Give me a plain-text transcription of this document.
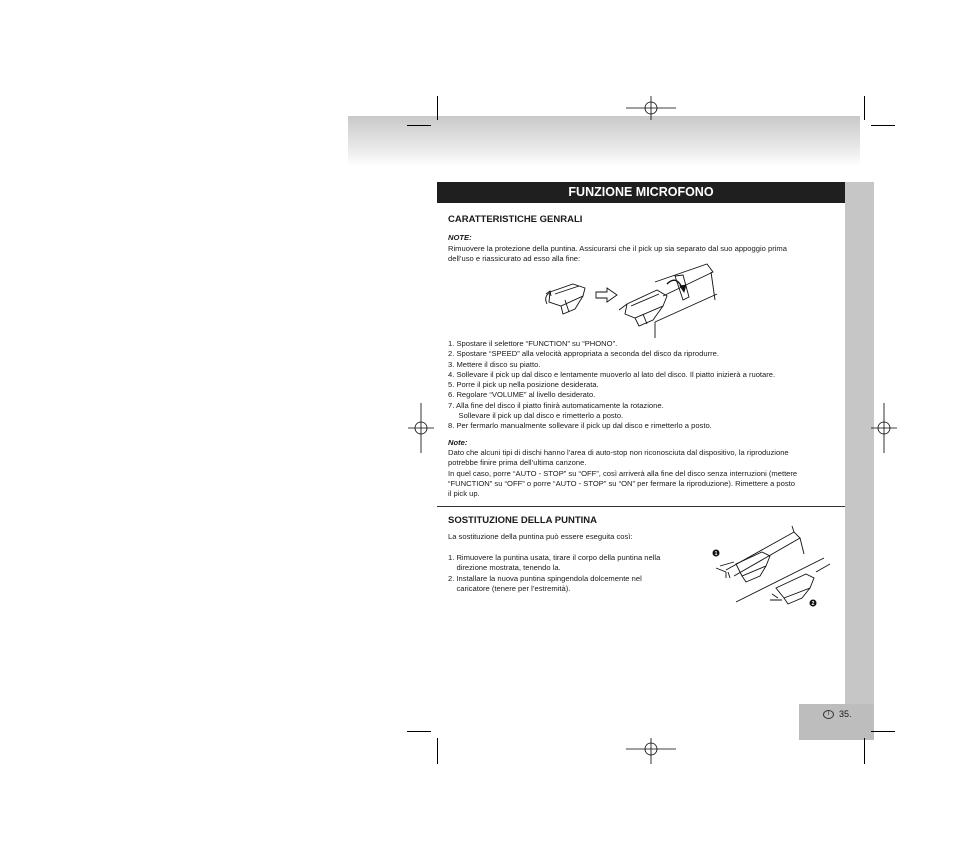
I	35.
FUNZIONE MICROFONO
CARATTERISTICHE GENRALI
NOTE:
Rimuovere la protezione della puntina. Assicurarsi che il pick up sia separato dal suo appoggio prima
dell’uso e riassicurato ad esso alla fine:
1. Spostare il selettore “FUNCTION” su “PHONO”.
2. Spostare “SPEED” alla velocità appropriata a seconda del disco da riprodurre.
3. Mettere il disco su piatto.
4. Sollevare il pick up dal disco e lentamente muoverlo al lato del disco. Il piatto inizierà a ruotare.
5. Porre il pick up nella posizione desiderata.
6. Regolare “VOLUME” al livello desiderato.
7. Alla fine del disco il piatto finirà automaticamente la rotazione.
Sollevare il pick up dal disco e rimetterlo a posto.
8. Per fermarlo manualmente sollevare il pick up dal disco e rimetterlo a posto.
Note:
Dato che alcuni tipi di dischi hanno l’area di auto-stop non riconosciuta dal dispositivo, la riproduzione
potrebbe finire prima dell’ultima canzone.
In quel caso, porre “AUTO - STOP” su “OFF”, così arriverà alla fine del disco senza interruzioni (mettere
“FUNCTION” su “OFF” o porre “AUTO - STOP” su “ON” per fermare la riproduzione). Rimettere a posto
il pick up.
SOSTITUZIONE DELLA PUNTINA
La sostituzione della puntina può essere eseguita così:
1. Rimuovere la puntina usata, tirare il corpo della puntina nella
direzione mostrata, tenendo la.
2. Installare la nuova puntina spingendola dolcemente nel
caricatore (tenere per l’estremità).
1
2
